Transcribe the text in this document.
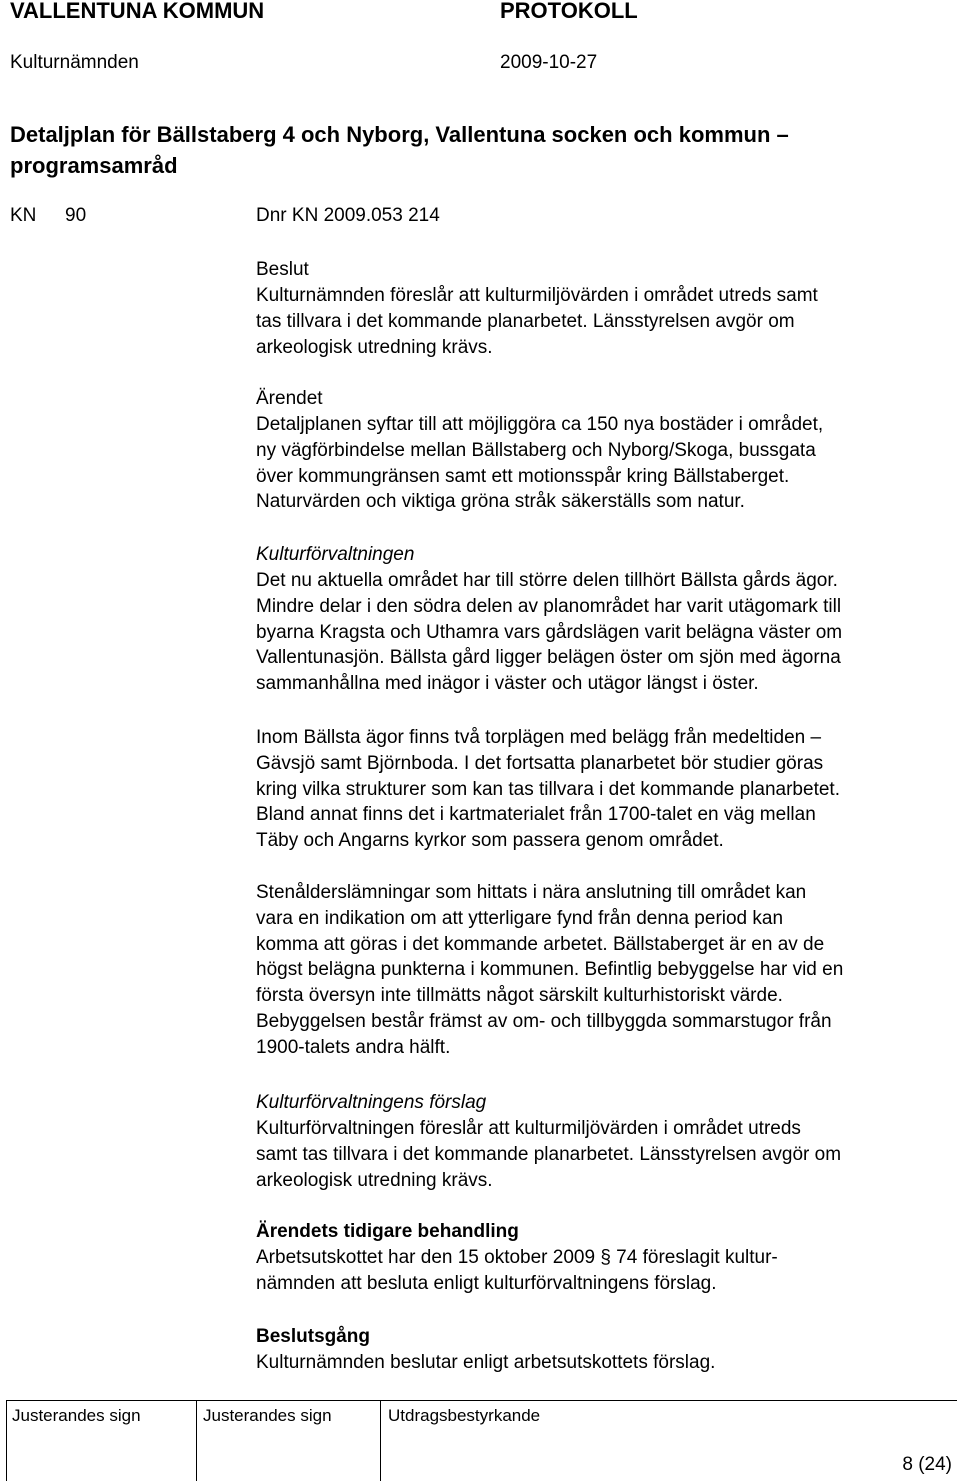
VALLENTUNA KOMMUN	PROTOKOLL
Kulturnämnden	2009-10-27
Detaljplan för Bällstaberg 4 och Nyborg, Vallentuna socken och kommun –
programsamråd
KN 90	Dnr KN 2009.053 214
Beslut
Kulturnämnden föreslår att kulturmiljövärden i området utreds samt
tas tillvara i det kommande planarbetet. Länsstyrelsen avgör om
arkeologisk utredning krävs.
Ärendet
Detaljplanen syftar till att möjliggöra ca 150 nya bostäder i området,
ny vägförbindelse mellan Bällstaberg och Nyborg/Skoga, bussgata
över kommungränsen samt ett motionsspår kring Bällstaberget.
Naturvärden och viktiga gröna stråk säkerställs som natur.
Kulturförvaltningen
Det nu aktuella området har till större delen tillhört Bällsta gårds ägor.
Mindre delar i den södra delen av planområdet har varit utägomark till
byarna Kragsta och Uthamra vars gårdslägen varit belägna väster om
Vallentunasjön. Bällsta gård ligger belägen öster om sjön med ägorna
sammanhållna med inägor i väster och utägor längst i öster.
Inom Bällsta ägor finns två torplägen med belägg från medeltiden –
Gävsjö samt Björnboda. I det fortsatta planarbetet bör studier göras
kring vilka strukturer som kan tas tillvara i det kommande planarbetet.
Bland annat finns det i kartmaterialet från 1700-talet en väg mellan
Täby och Angarns kyrkor som passera genom området.
Stenålderslämningar som hittats i nära anslutning till området kan
vara en indikation om att ytterligare fynd från denna period kan
komma att göras i det kommande arbetet. Bällstaberget är en av de
högst belägna punkterna i kommunen. Befintlig bebyggelse har vid en
första översyn inte tillmätts något särskilt kulturhistoriskt värde.
Bebyggelsen består främst av om- och tillbyggda sommarstugor från
1900-talets andra hälft.
Kulturförvaltningens förslag
Kulturförvaltningen föreslår att kulturmiljövärden i området utreds
samt tas tillvara i det kommande planarbetet. Länsstyrelsen avgör om
arkeologisk utredning krävs.
Ärendets tidigare behandling
Arbetsutskottet har den 15 oktober 2009 § 74 föreslagit kultur-
nämnden att besluta enligt kulturförvaltningens förslag.
Beslutsgång
Kulturnämnden beslutar enligt arbetsutskottets förslag.
Justerandes sign	Justerandes sign	Utdragsbestyrkande
8 (24)
